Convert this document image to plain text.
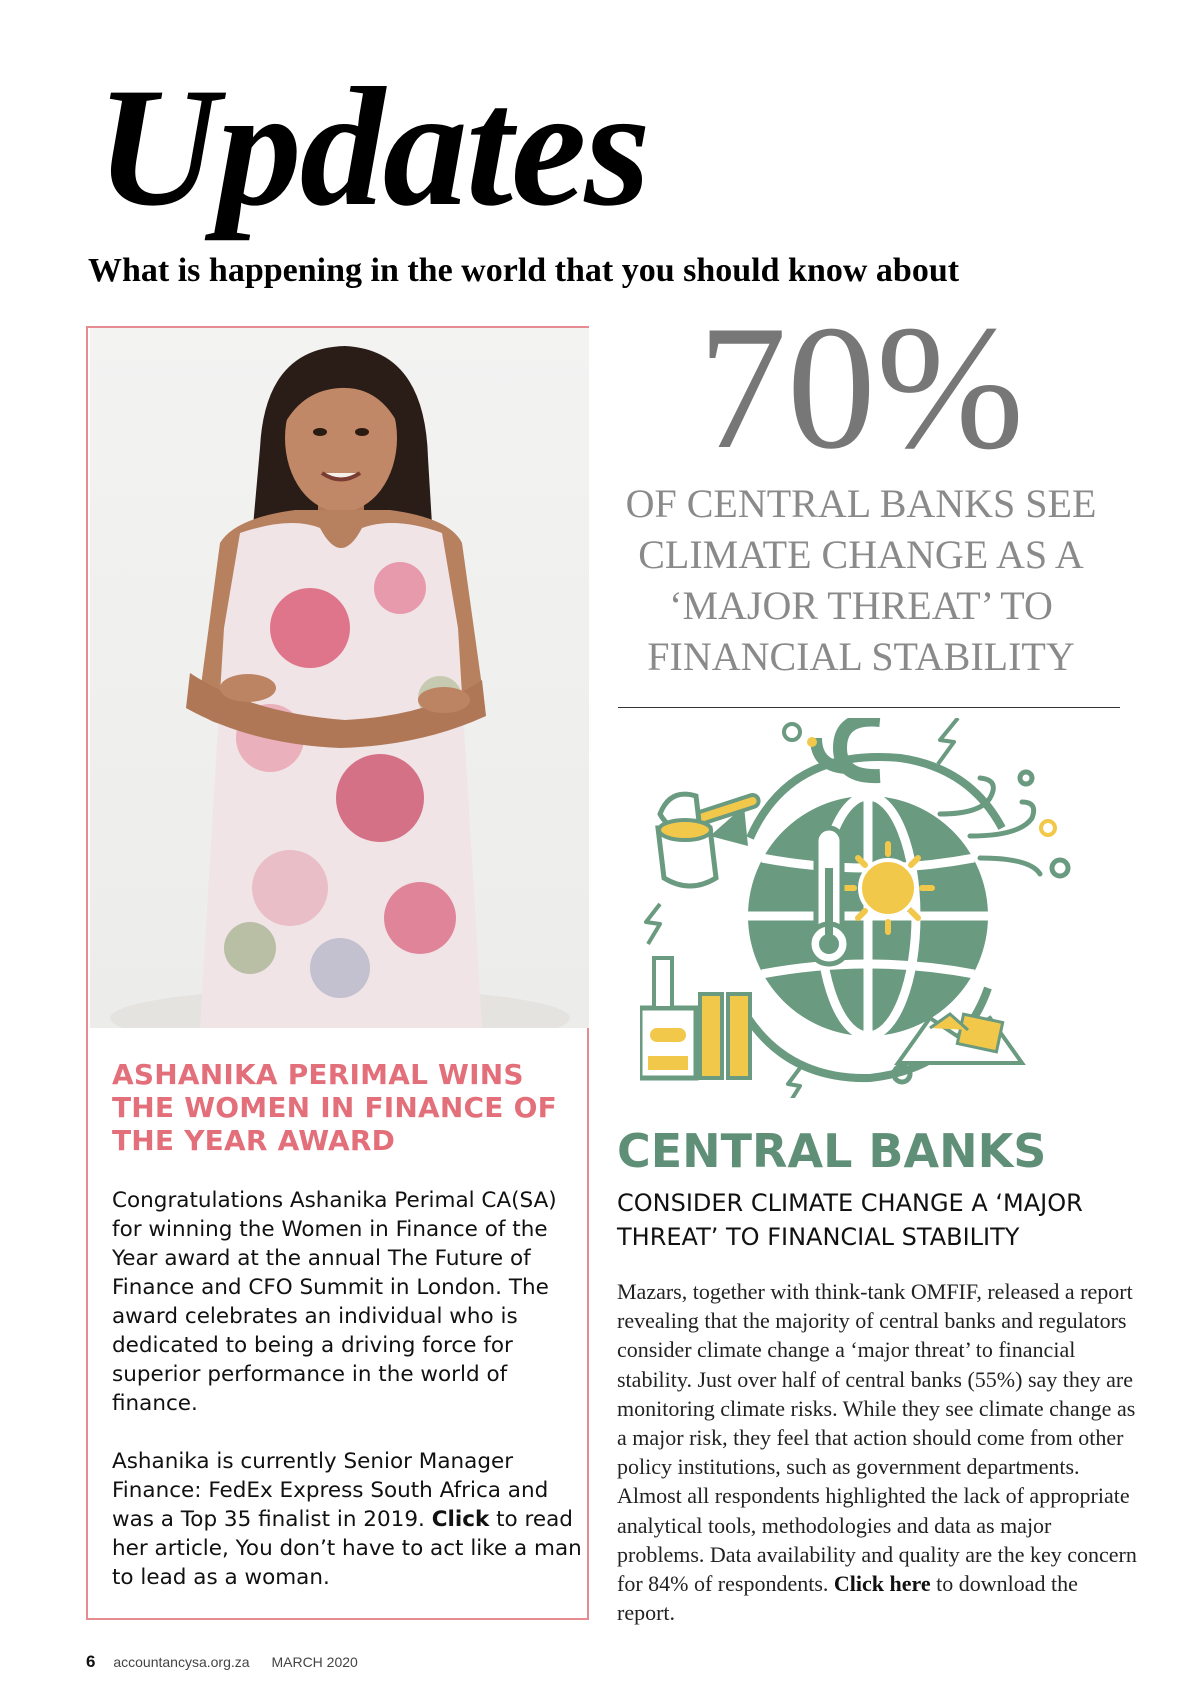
Updates
What is happening in the world that you should know about
ASHANIKA PERIMAL WINS THE WOMEN IN FINANCE OF THE YEAR AWARD

Congratulations Ashanika Perimal CA(SA) for winning the Women in Finance of the Year award at the annual The Future of Finance and CFO Summit in London. The award celebrates an individual who is dedicated to being a driving force for superior performance in the world of finance.

Ashanika is currently Senior Manager Finance: FedEx Express South Africa and was a Top 35 finalist in 2019. Click to read her article, You don’t have to act like a man to lead as a woman.

70%

OF CENTRAL BANKS SEE CLIMATE CHANGE AS A ‘MAJOR THREAT’ TO FINANCIAL STABILITY

CENTRAL BANKS

CONSIDER CLIMATE CHANGE A ‘MAJOR THREAT’ TO FINANCIAL STABILITY

Mazars, together with think-tank OMFIF, released a report revealing that the majority of central banks and regulators consider climate change a ‘major threat’ to financial stability. Just over half of central banks (55%) say they are monitoring climate risks. While they see climate change as a major risk, they feel that action should come from other policy institutions, such as government departments. Almost all respondents highlighted the lack of appropriate analytical tools, methodologies and data as major problems. Data availability and quality are the key concern for 84% of respondents. Click here to download the report.

6 accountancysa.org.za MARCH 2020
